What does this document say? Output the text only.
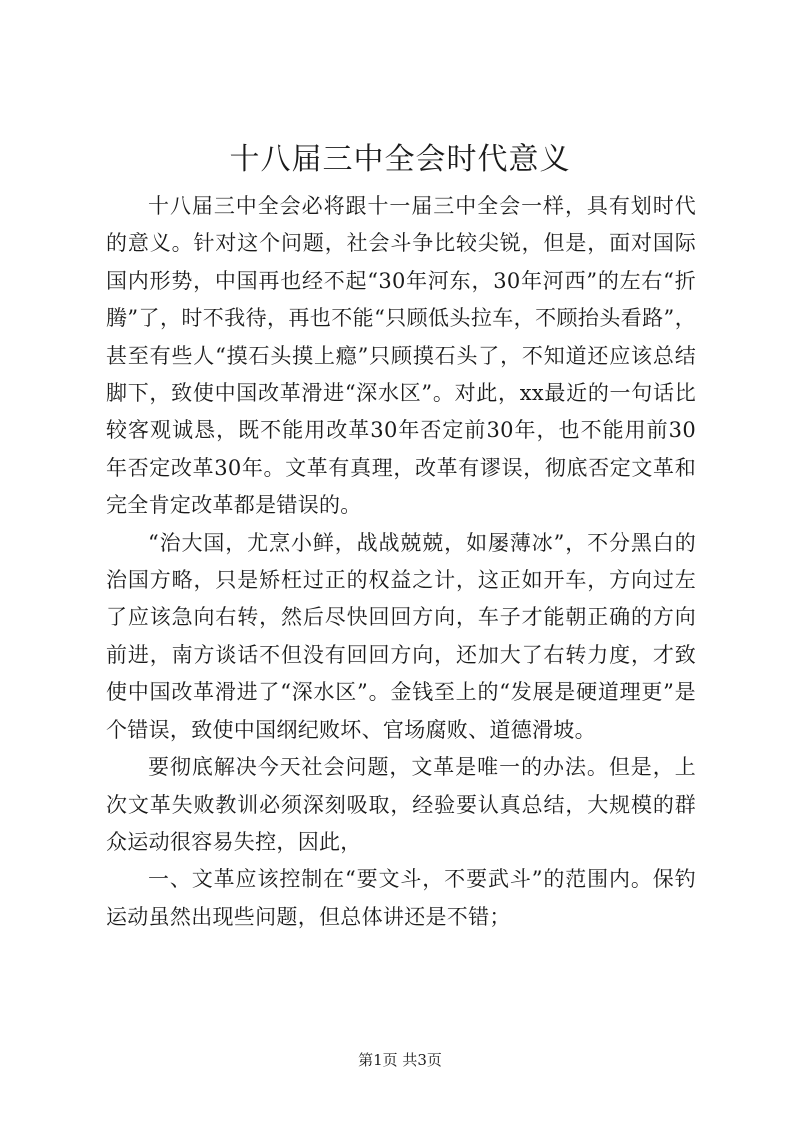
十八届三中全会时代意义

十八届三中全会必将跟十一届三中全会一样，具有划时代的意义。针对这个问题，社会斗争比较尖锐，但是，面对国际国内形势，中国再也经不起“30年河东，30年河西”的左右“折腾”了，时不我待，再也不能“只顾低头拉车，不顾抬头看路”，甚至有些人“摸石头摸上瘾”只顾摸石头了，不知道还应该总结脚下，致使中国改革滑进“深水区”。对此，xx最近的一句话比较客观诚恳，既不能用改革30年否定前30年，也不能用前30年否定改革30年。文革有真理，改革有谬误，彻底否定文革和完全肯定改革都是错误的。

“治大国，尤烹小鲜，战战兢兢，如屡薄冰”，不分黑白的治国方略，只是矫枉过正的权益之计，这正如开车，方向过左了应该急向右转，然后尽快回回方向，车子才能朝正确的方向前进，南方谈话不但没有回回方向，还加大了右转力度，才致使中国改革滑进了“深水区”。金钱至上的“发展是硬道理更”是个错误，致使中国纲纪败坏、官场腐败、道德滑坡。

要彻底解决今天社会问题，文革是唯一的办法。但是，上次文革失败教训必须深刻吸取，经验要认真总结，大规模的群众运动很容易失控，因此，

一、文革应该控制在“要文斗，不要武斗”的范围内。保钓运动虽然出现些问题，但总体讲还是不错；

第1页 共3页
